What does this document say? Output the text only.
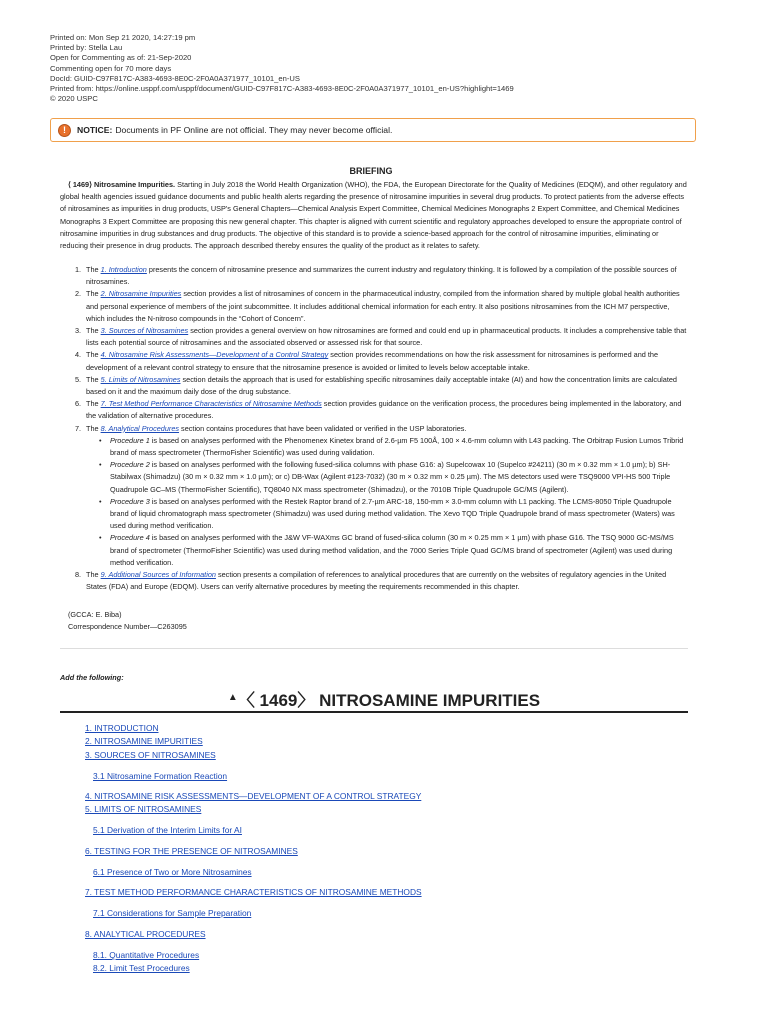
Printed on: Mon Sep 21 2020, 14:27:19 pm
Printed by: Stella Lau
Open for Commenting as of: 21-Sep-2020
Commenting open for 70 more days
DocId: GUID-C97F817C-A383-4693-8E0C-2F0A0A371977_10101_en-US
Printed from: https://online.usppf.com/usppf/document/GUID-C97F817C-A383-4693-8E0C-2F0A0A371977_10101_en-US?highlight=1469
© 2020 USPC
!	NOTICE: Documents in PF Online are not official. They may never become official.
BRIEFING

⟨ 1469⟩ Nitrosamine Impurities. Starting in July 2018 the World Health Organization (WHO), the FDA, the European Directorate for the Quality of Medicines (EDQM), and other regulatory and global health agencies issued guidance documents and public health alerts regarding the presence of nitrosamine impurities in several drug products. To protect patients from the adverse effects of nitrosamines as impurities in drug products, USP's General Chapters—Chemical Analysis Expert Committee, Chemical Medicines Monographs 2 Expert Committee, and Chemical Medicines Monographs 3 Expert Committee are proposing this new general chapter. This chapter is aligned with current scientific and regulatory approaches developed to ensure the appropriate control of nitrosamine impurities in drug substances and drug products. The objective of this standard is to provide a science-based approach for the control of nitrosamine impurities, eliminating or reducing their presence in drug products. The approach described thereby ensures the quality of the product as it relates to safety.

1. The 1. Introduction presents the concern of nitrosamine presence and summarizes the current industry and regulatory thinking. It is followed by a compilation of the possible sources of nitrosamines.
2. The 2. Nitrosamine Impurities section provides a list of nitrosamines of concern in the pharmaceutical industry, compiled from the information shared by multiple global health authorities and personal experience of members of the joint subcommittee. It includes additional chemical information for each entry. It also positions nitrosamines from the ICH M7 perspective, which includes the N-nitroso compounds in the “Cohort of Concern”.
3. The 3. Sources of Nitrosamines section provides a general overview on how nitrosamines are formed and could end up in pharmaceutical products. It includes a comprehensive table that lists each potential source of nitrosamines and the associated observed or assessed risk for that source.
4. The 4. Nitrosamine Risk Assessments—Development of a Control Strategy section provides recommendations on how the risk assessment for nitrosamines is performed and the development of a relevant control strategy to ensure that the nitrosamine presence is avoided or limited to levels below acceptable intake.
5. The 5. Limits of Nitrosamines section details the approach that is used for establishing specific nitrosamines daily acceptable intake (AI) and how the concentration limits are calculated based on it and the maximum daily dose of the drug substance.
6. The 7. Test Method Performance Characteristics of Nitrosamine Methods section provides guidance on the verification process, the procedures being implemented in the laboratory, and the validation of alternative procedures.
7. The 8. Analytical Procedures section contains procedures that have been validated or verified in the USP laboratories.
• Procedure 1 is based on analyses performed with the Phenomenex Kinetex brand of 2.6-µm F5 100Å, 100 × 4.6-mm column with L43 packing. The Orbitrap Fusion Lumos Tribrid brand of mass spectrometer (ThermoFisher Scientific) was used during validation.
• Procedure 2 is based on analyses performed with the following fused-silica columns with phase G16: a) Supelcowax 10 (Supelco #24211) (30 m × 0.32 mm × 1.0 µm); b) SH-Stabilwax (Shimadzu) (30 m × 0.32 mm × 1.0 µm); or c) DB-Wax (Agilent #123-7032) (30 m × 0.32 mm × 0.25 µm). The MS detectors used were TSQ9000 VPI-HS 500 Triple Quadrupole GC–MS (ThermoFisher Scientific), TQ8040 NX mass spectrometer (Shimadzu), or the 7010B Triple Quadrupole GC/MS (Agilent).
• Procedure 3 is based on analyses performed with the Restek Raptor brand of 2.7-µm ARC-18, 150-mm × 3.0-mm column with L1 packing. The LCMS-8050 Triple Quadrupole brand of liquid chromatograph mass spectrometer (Shimadzu) was used during method validation. The Xevo TQD Triple Quadrupole brand of mass spectrometer (Waters) was used during method verification.
• Procedure 4 is based on analyses performed with the J&W VF-WAXms GC brand of fused-silica column (30 m × 0.25 mm × 1 µm) with phase G16. The TSQ 9000 GC-MS/MS brand of spectrometer (ThermoFisher Scientific) was used during method validation, and the 7000 Series Triple Quad GC/MS brand of spectrometer (Agilent) was used during method verification.
8. The 9. Additional Sources of Information section presents a compilation of references to analytical procedures that are currently on the websites of regulatory agencies in the United States (FDA) and Europe (EDQM). Users can verify alternative procedures by meeting the requirements recommended in this chapter.
(GCCA: E. Biba)
Correspondence Number—C263095
Add the following:
▲〈 1469〉 NITROSAMINE IMPURITIES
1. INTRODUCTION
2. NITROSAMINE IMPURITIES
3. SOURCES OF NITROSAMINES
3.1 Nitrosamine Formation Reaction
4. NITROSAMINE RISK ASSESSMENTS—DEVELOPMENT OF A CONTROL STRATEGY
5. LIMITS OF NITROSAMINES
5.1 Derivation of the Interim Limits for AI
6. TESTING FOR THE PRESENCE OF NITROSAMINES
6.1 Presence of Two or More Nitrosamines
7. TEST METHOD PERFORMANCE CHARACTERISTICS OF NITROSAMINE METHODS
7.1 Considerations for Sample Preparation
8. ANALYTICAL PROCEDURES
8.1. Quantitative Procedures
8.2. Limit Test Procedures
